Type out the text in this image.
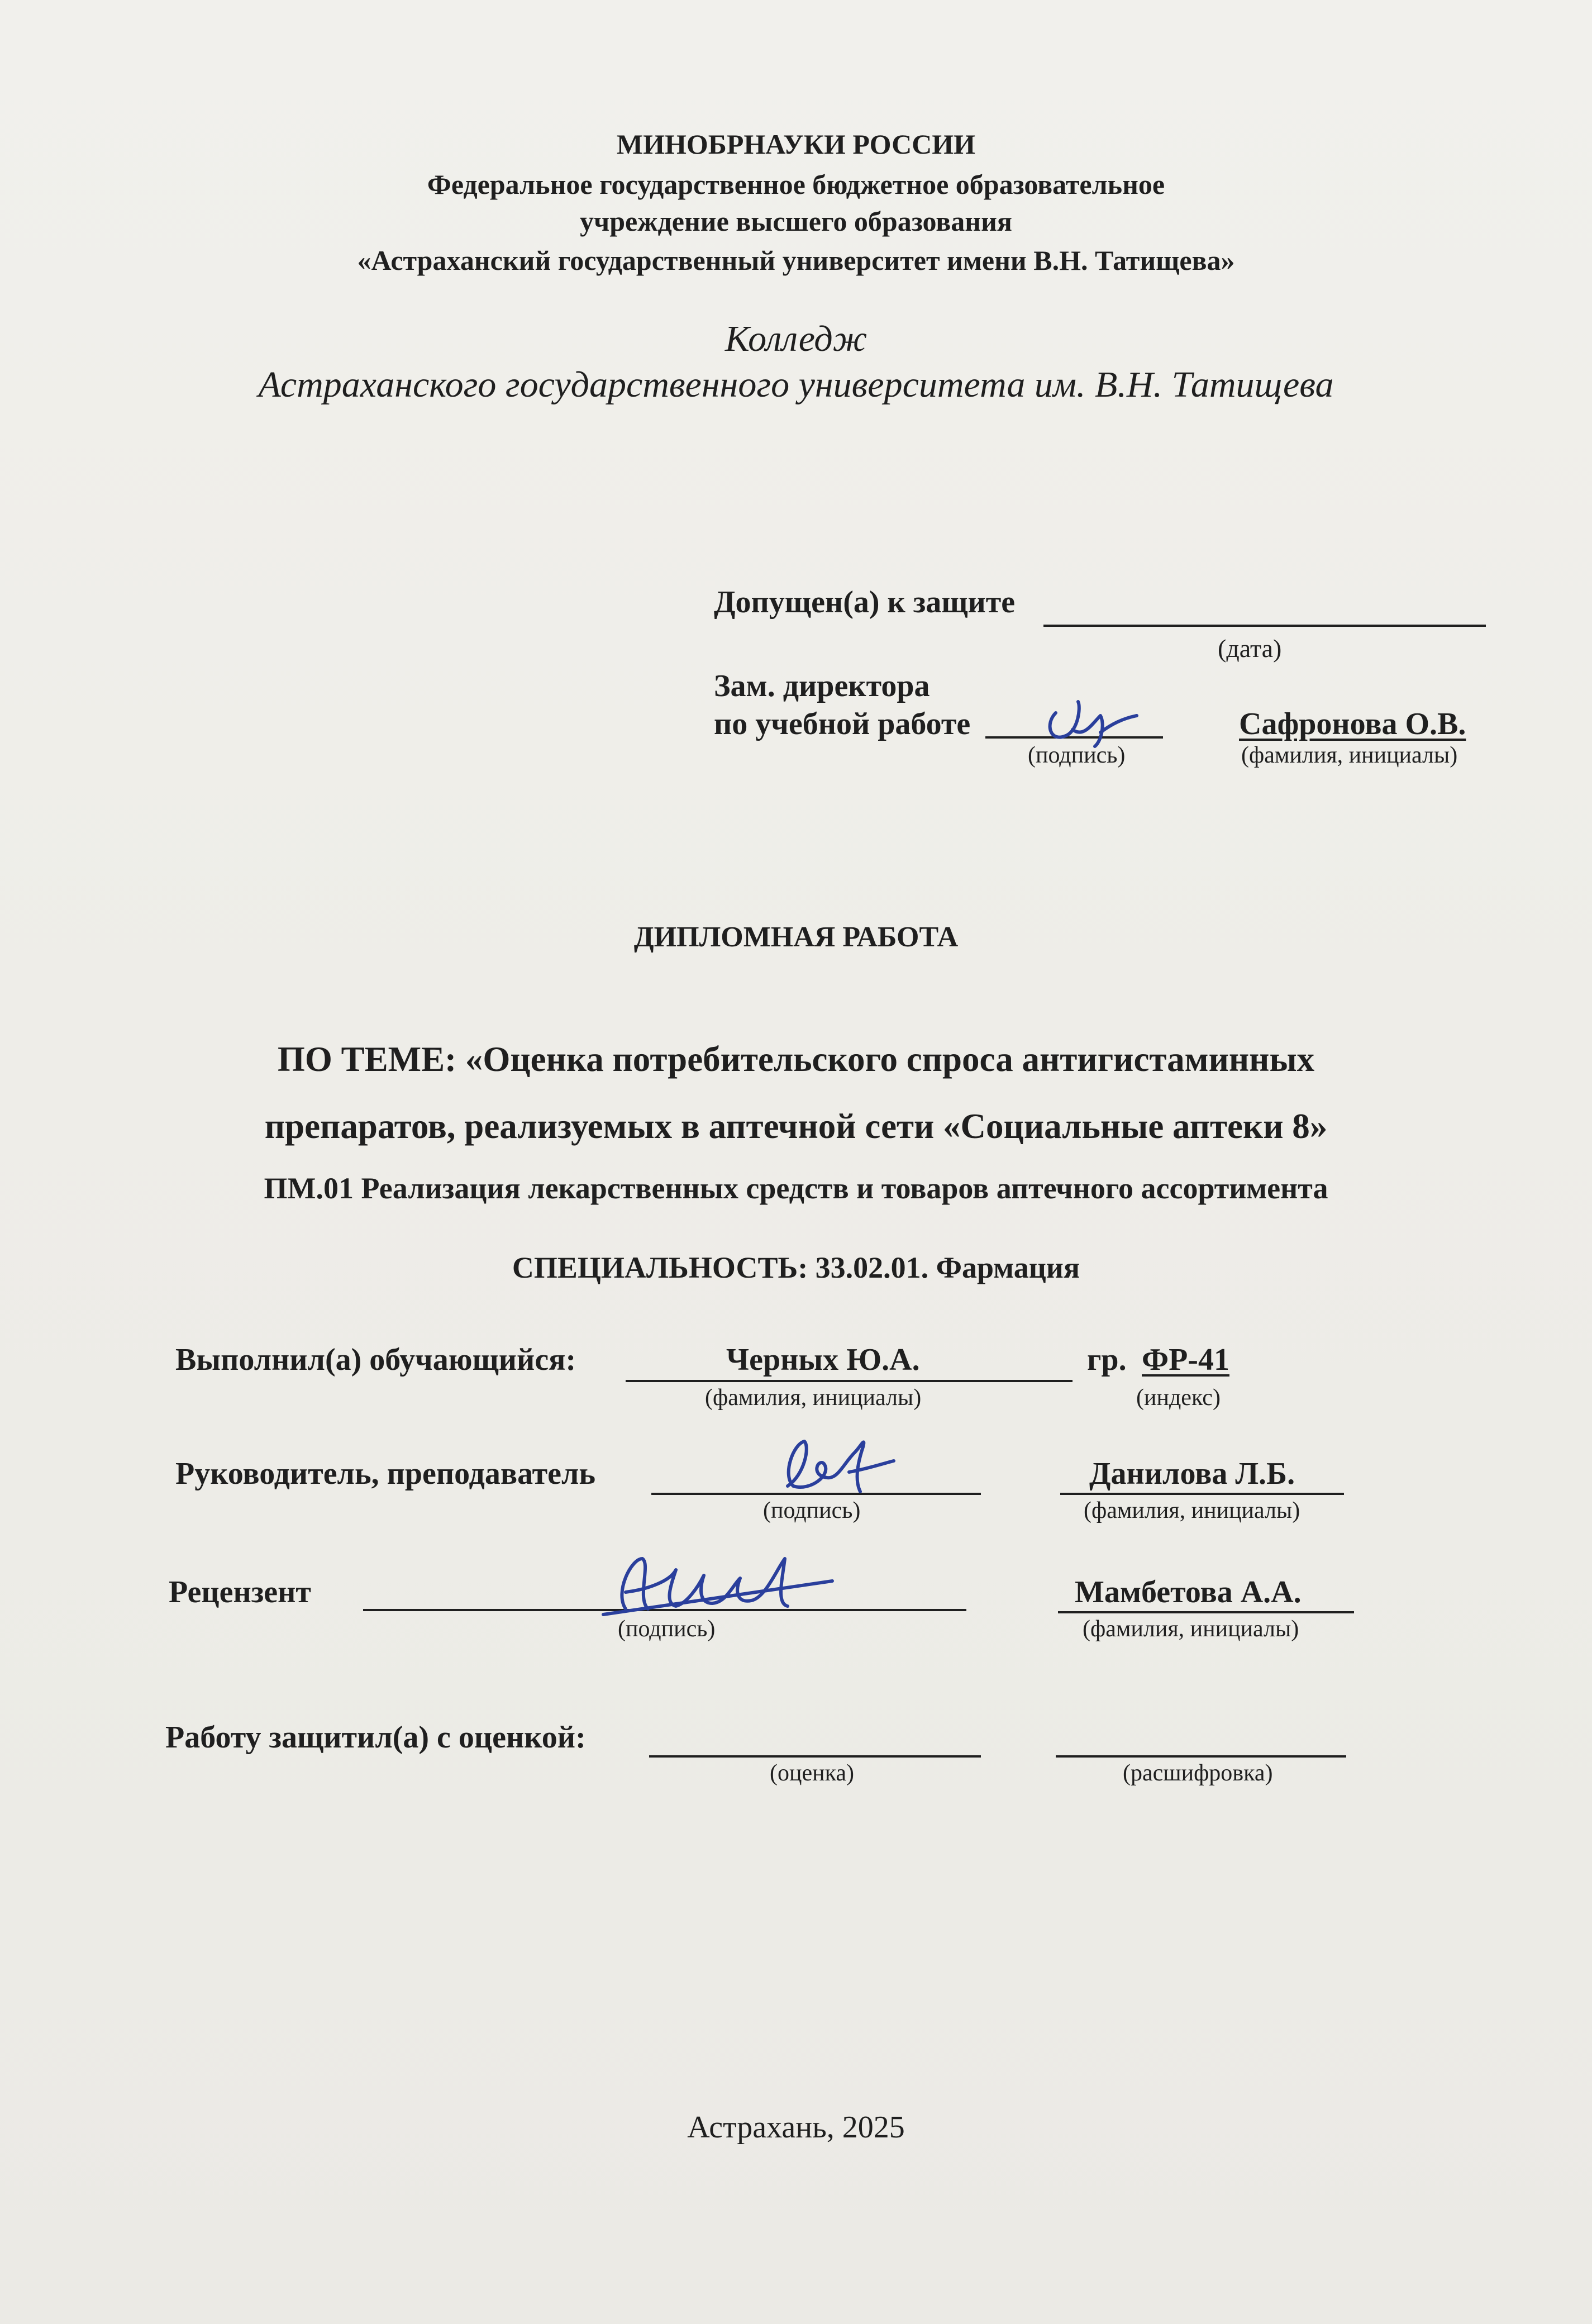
МИНОБРНАУКИ РОССИИ
Федеральное государственное бюджетное образовательное
учреждение высшего образования
«Астраханский государственный университет имени В.Н. Татищева»
Колледж
Астраханского государственного университета им. В.Н. Татищева
Допущен(а) к защите
(дата)
Зам. директора
по учебной работе
(подпись)
Сафронова О.В.
(фамилия, инициалы)
ДИПЛОМНАЯ РАБОТА
ПО ТЕМЕ: «Оценка потребительского спроса антигистаминных
препаратов, реализуемых в аптечной сети «Социальные аптеки 8»
ПМ.01 Реализация лекарственных средств и товаров аптечного ассортимента
СПЕЦИАЛЬНОСТЬ: 33.02.01. Фармация
Выполнил(а) обучающийся:	Черных Ю.А.
(фамилия, инициалы)
гр. ФР-41
(индекс)
Руководитель, преподаватель
(подпись)
Данилова Л.Б.
(фамилия, инициалы)
Рецензент
(подпись)
Мамбетова А.А.
(фамилия, инициалы)
Работу защитил(а) с оценкой:
(оценка)	(расшифровка)
Астрахань, 2025
